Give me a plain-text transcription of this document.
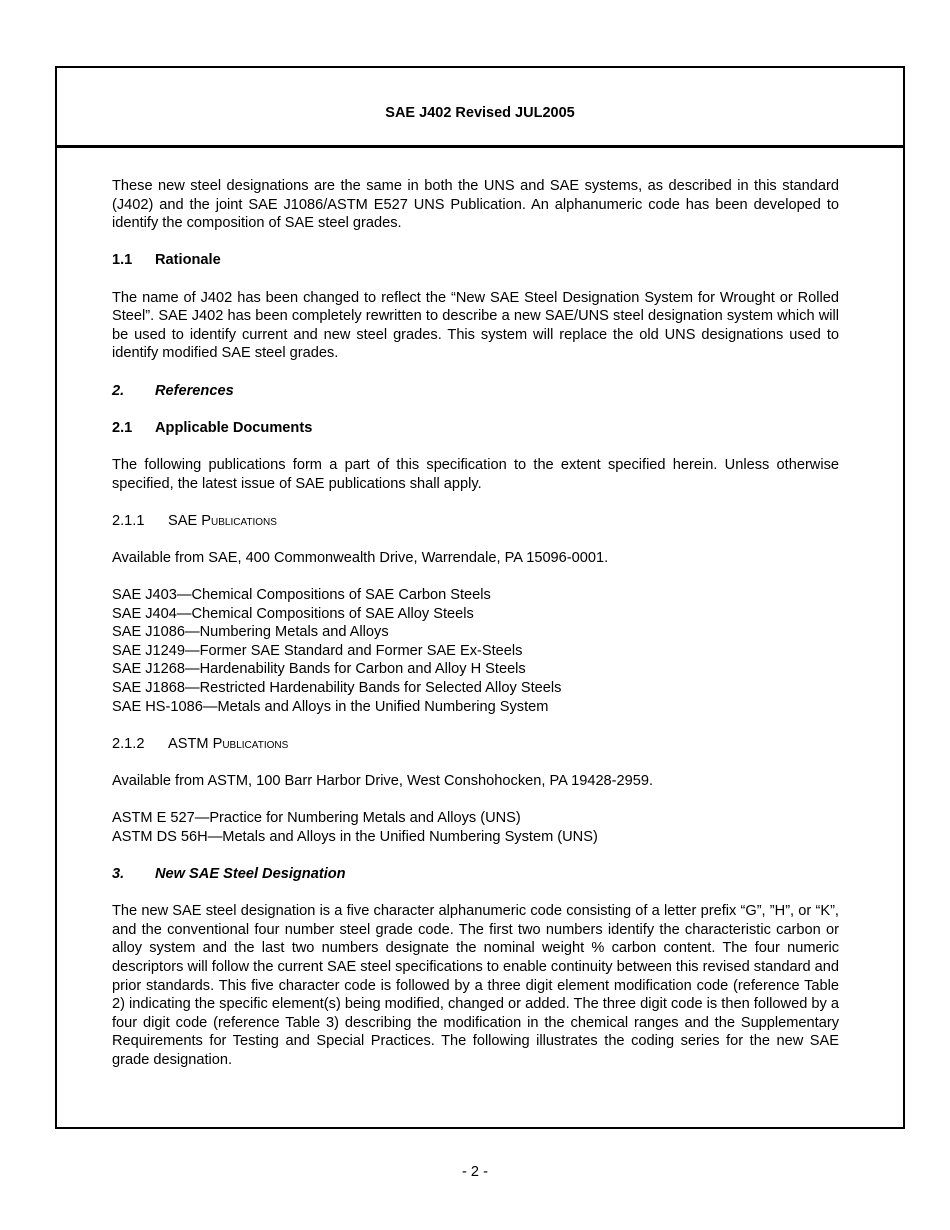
SAE J402 Revised JUL2005

These new steel designations are the same in both the UNS and SAE systems, as described in this standard (J402) and the joint SAE J1086/ASTM E527 UNS Publication. An alphanumeric code has been developed to identify the composition of SAE steel grades.

1.1 Rationale

The name of J402 has been changed to reflect the “New SAE Steel Designation System for Wrought or Rolled Steel”. SAE J402 has been completely rewritten to describe a new SAE/UNS steel designation system which will be used to identify current and new steel grades. This system will replace the old UNS designations used to identify modified SAE steel grades.

2. References

2.1 Applicable Documents

The following publications form a part of this specification to the extent specified herein. Unless otherwise specified, the latest issue of SAE publications shall apply.

2.1.1 SAE Publications

Available from SAE, 400 Commonwealth Drive, Warrendale, PA 15096-0001.

SAE J403—Chemical Compositions of SAE Carbon Steels

SAE J404—Chemical Compositions of SAE Alloy Steels

SAE J1086—Numbering Metals and Alloys

SAE J1249—Former SAE Standard and Former SAE Ex-Steels

SAE J1268—Hardenability Bands for Carbon and Alloy H Steels

SAE J1868—Restricted Hardenability Bands for Selected Alloy Steels

SAE HS-1086—Metals and Alloys in the Unified Numbering System

2.1.2 ASTM Publications

Available from ASTM, 100 Barr Harbor Drive, West Conshohocken, PA 19428-2959.

ASTM E 527—Practice for Numbering Metals and Alloys (UNS)

ASTM DS 56H—Metals and Alloys in the Unified Numbering System (UNS)

3. New SAE Steel Designation

The new SAE steel designation is a five character alphanumeric code consisting of a letter prefix “G”, ”H”, or “K”, and the conventional four number steel grade code. The first two numbers identify the characteristic carbon or alloy system and the last two numbers designate the nominal weight % carbon content. The four numeric descriptors will follow the current SAE steel specifications to enable continuity between this revised standard and prior standards. This five character code is followed by a three digit element modification code (reference Table 2) indicating the specific element(s) being modified, changed or added. The three digit code is then followed by a four digit code (reference Table 3) describing the modification in the chemical ranges and the Supplementary Requirements for Testing and Special Practices. The following illustrates the coding series for the new SAE grade designation.

- 2 -
